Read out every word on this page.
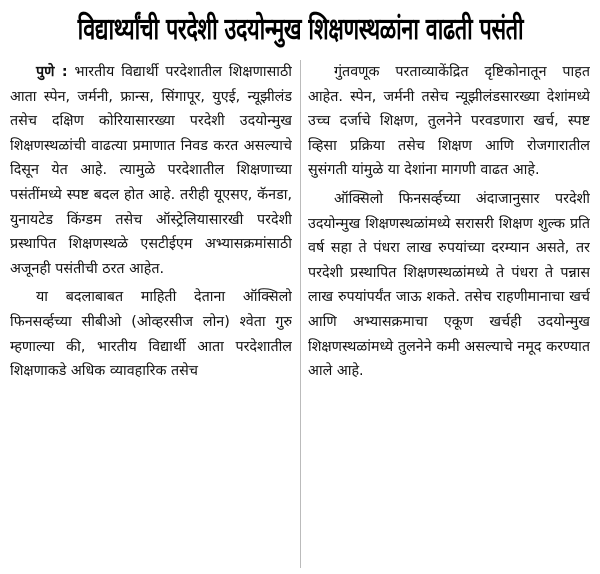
विद्यार्थ्यांची परदेशी उदयोन्मुख शिक्षणस्थळांना वाढती पसंती

पुणे : भारतीय विद्यार्थी परदेशातील शिक्षणासाठी आता स्पेन, जर्मनी, फ्रान्स, सिंगापूर, युएई, न्यूझीलंड तसेच दक्षिण कोरियासारख्या परदेशी उदयोन्मुख शिक्षणस्थळांची वाढत्या प्रमाणात निवड करत असल्याचे दिसून येत आहे. त्यामुळे परदेशातील शिक्षणाच्या पसंतींमध्ये स्पष्ट बदल होत आहे. तरीही यूएसए, कॅनडा, युनायटेड किंग्डम तसेच ऑस्ट्रेलियासारखी परदेशी प्रस्थापित शिक्षणस्थळे एसटीईएम अभ्यासक्रमांसाठी अजूनही पसंतीची ठरत आहेत.

या बदलाबाबत माहिती देताना ऑक्सिलो फिनसर्व्हच्या सीबीओ (ओव्हरसीज लोन) श्वेता गुरु म्हणाल्या की, भारतीय विद्यार्थी आता परदेशातील शिक्षणाकडे अधिक व्यावहारिक तसेच

गुंतवणूक परताव्याकेंद्रित दृष्टिकोनातून पाहत आहेत. स्पेन, जर्मनी तसेच न्यूझीलंडसारख्या देशांमध्ये उच्च दर्जाचे शिक्षण, तुलनेने परवडणारा खर्च, स्पष्ट व्हिसा प्रक्रिया तसेच शिक्षण आणि रोजगारातील सुसंगती यांमुळे या देशांना मागणी वाढत आहे.

ऑक्सिलो फिनसर्व्हच्या अंदाजानुसार परदेशी उदयोन्मुख शिक्षणस्थळांमध्ये सरासरी शिक्षण शुल्क प्रति वर्ष सहा ते पंधरा लाख रुपयांच्या दरम्यान असते, तर परदेशी प्रस्थापित शिक्षणस्थळांमध्ये ते पंधरा ते पन्नास लाख रुपयांपर्यंत जाऊ शकते. तसेच राहणीमानाचा खर्च आणि अभ्यासक्रमाचा एकूण खर्चही उदयोन्मुख शिक्षणस्थळांमध्ये तुलनेने कमी असल्याचे नमूद करण्यात आले आहे.
